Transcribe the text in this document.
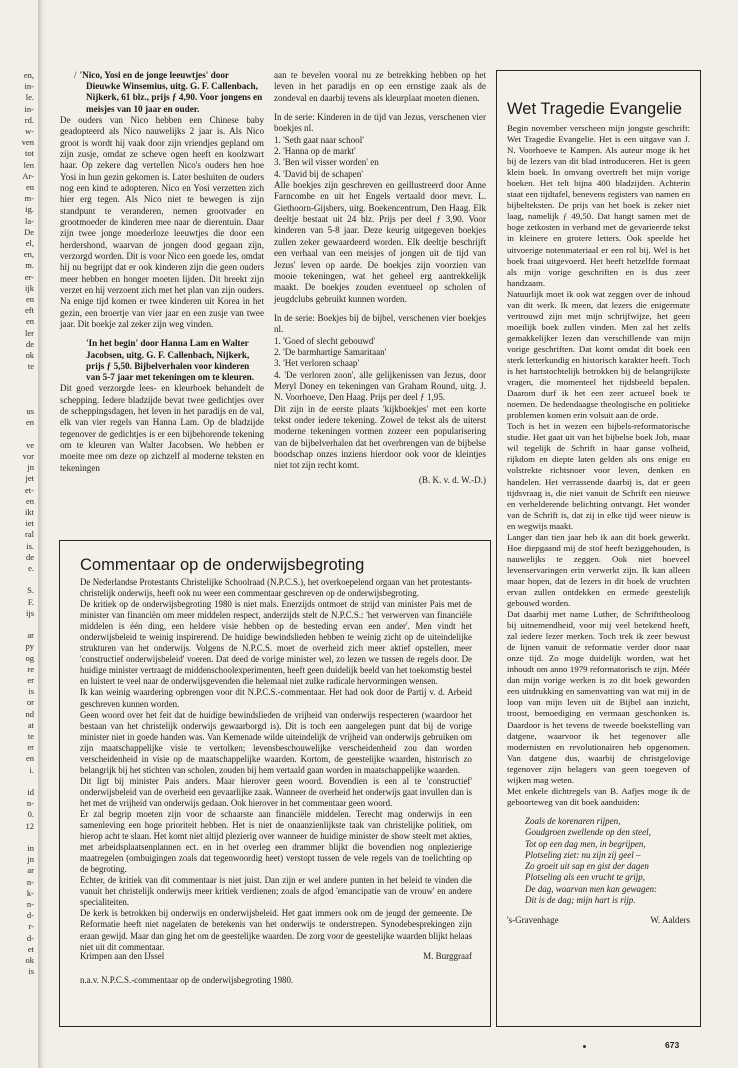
en,
in-
le.
in-
rd.
w-
ven
tot
len
Ar-
en
m-
ig.
la-
De
el,
en,
m.
er-
ijk
en
eft
en
ler
de
ok
te

us
en

ve
vor
jn
jet
et-
en
ikt
iet
ral
is.
de
e.

S.
F.
ijs

ar
py
og
re
er
is
or
nd
at
te
er
en
i.

id
n-
0.
12

in
jn
ar
n-
k-
n-
d-
r-
d-
et
ok
is

/ 'Nico, Yosi en de jonge leeuwtjes' door Dieuwke Winsemius, uitg. G. F. Callenbach, Nijkerk, 61 blz., prijs ƒ 4,90. Voor jongens en meisjes van 10 jaar en ouder.

De ouders van Nico hebben een Chinese baby geadopteerd als Nico nauwelijks 2 jaar is. Als Nico groot is wordt hij vaak door zijn vriendjes gepland om zijn zusje, omdat ze scheve ogen heeft en koolzwart haar. Op zekere dag vertellen Nico's ouders hen hoe Yosi in hun gezin gekomen is. Later besluiten de ouders nog een kind te adopteren. Nico en Yosi verzetten zich hier erg tegen. Als Nico niet te bewegen is zijn standpunt te veranderen, nemen grootvader en grootmoeder de kinderen mee naar de dierentuin. Daar zijn twee jonge moederloze leeuwtjes die door een herdershond, waarvan de jongen dood gegaan zijn, verzorgd worden. Dit is voor Nico een goede les, omdat hij nu begrijpt dat er ook kinderen zijn die geen ouders meer hebben en honger moeten lijden. Dit breekt zijn verzet en hij verzoent zich met het plan van zijn ouders. Na enige tijd komen er twee kinderen uit Korea in het gezin, een broertje van vier jaar en een zusje van twee jaar. Dit boekje zal zeker zijn weg vinden.

'In het begin' door Hanna Lam en Walter Jacobsen, uitg. G. F. Callenbach, Nijkerk, prijs ƒ 5,50. Bijbelverhalen voor kinderen van 5-7 jaar met tekeningen om te kleuren.

Dit goed verzorgde lees- en kleurboek behandelt de schepping. Iedere bladzijde bevat twee gedichtjes over de scheppingsdagen, het leven in het paradijs en de val, elk van vier regels van Hanna Lam. Op de bladzijde tegenover de gedichtjes is er een bijbehorende tekening om te kleuren van Walter Jacobsen. We hebben er moeite mee om deze op zichzelf al moderne teksten en tekeningen

aan te bevelen vooral nu ze betrekking hebben op het leven in het paradijs en op een ernstige zaak als de zondeval en daarbij tevens als kleurplaat moeten dienen.

In de serie: Kinderen in de tijd van Jezus, verschenen vier boekjes nl.

1. 'Seth gaat naar school'
2. 'Hanna op de markt'
3. 'Ben wil visser worden' en
4. 'David bij de schapen'

Alle boekjes zijn geschreven en geillustreerd door Anne Farncombe en uit het Engels vertaald door mevr. L. Giethoorn-Gijsbers, uitg. Boekencentrum, Den Haag. Elk deeltje bestaat uit 24 blz. Prijs per deel ƒ 3,90. Voor kinderen van 5-8 jaar. Deze keurig uitgegeven boekjes zullen zeker gewaardeerd worden. Elk deeltje beschrijft een verhaal van een meisjes of jongen uit de tijd van Jezus' leven op aarde. De boekjes zijn voorzien van mooie tekeningen, wat het geheel erg aantrekkelijk maakt. De boekjes zouden eventueel op scholen of jeugdclubs gebruikt kunnen worden.

In de serie: Boekjes bij de bijbel, verschenen vier boekjes nl.

1. 'Goed of slecht gebouwd'
2. 'De barmhartige Samaritaan'
3. 'Het verloren schaap'
4. 'De verloren zoon', alle gelijkenissen van Jezus, door Meryl Doney en tekeningen van Graham Round, uitg. J. N. Voorhoeve, Den Haag. Prijs per deel ƒ 1,95.

Dit zijn in de eerste plaats 'kijkboekjes' met een korte tekst onder iedere tekening. Zowel de tekst als de uiterst moderne tekeningen vormen zozeer een popularisering van de bijbelverhalen dat het overbrengen van de bijbelse boodschap onzes inziens hierdoor ook voor de kleintjes niet tot zijn recht komt.

(B. K. v. d. W.-D.)

Commentaar op de onderwijsbegroting

De Nederlandse Protestants Christelijke Schoolraad (N.P.C.S.), het overkoepelend orgaan van het protestants-christelijk onderwijs, heeft ook nu weer een commentaar geschreven op de onderwijsbegroting.

De kritiek op de onderwijsbegroting 1980 is niet mals. Enerzijds ontmoet de strijd van minister Pais met de minister van financiën om meer middelen respect, anderzijds stelt de N.P.C.S.: 'het verwerven van financiële middelen is één ding, een heldere visie hebben op de besteding ervan een ander'. Men vindt het onderwijsbeleid te weinig inspirerend. De huidige bewindslieden hebben te weinig zicht op de uiteindelijke strukturen van het onderwijs. Volgens de N.P.C.S. moet de overheid zich meer aktief opstellen, meer 'constructief onderwijsbeleid' voeren. Dat deed de vorige minister wel, zo lezen we tussen de regels door. De huidige minister vertraagt de middenschoolexperimenten, heeft geen duidelijk beeld van het toekomstig bestel en luistert te veel naar de onderwijsgevenden die helemaal niet zulke radicale hervormingen wensen.

Ik kan weinig waardering opbrengen voor dit N.P.C.S.-commentaar. Het had ook door de Partij v. d. Arbeid geschreven kunnen worden.

Geen woord over het feit dat de huidige bewindslieden de vrijheid van onderwijs respecteren (waardoor het bestaan van het christelijk onderwijs gewaarborgd is). Dit is toch een aangelegen punt dat bij de vorige minister niet in goede handen was. Van Kemenade wilde uiteindelijk de vrijheid van onderwijs gebruiken om zijn maatschappelijke visie te vertolken; levensbeschouwelijke verscheidenheid zou dan worden verscheidenheid in visie op de maatschappelijke waarden. Kortom, de geestelijke waarden, historisch zo belangrijk bij het stichten van scholen, zouden bij hem vertaald gaan worden in maatschappelijke waarden.

Dit ligt bij minister Pais anders. Maar hierover geen woord. Bovendien is een al te 'constructief' onderwijsbeleid van de overheid een gevaarlijke zaak. Wanneer de overheid het onderwijs gaat invullen dan is het met de vrijheid van onderwijs gedaan. Ook hierover in het commentaar geen woord.

Er zal begrip moeten zijn voor de schaarste aan financiële middelen. Terecht mag onderwijs in een samenleving een hoge prioriteit hebben. Het is niet de onaanzienlijkste taak van christelijke politiek, om hierop acht te slaan. Het komt niet altijd plezierig over wanneer de huidige minister de show steelt met akties, met arbeidsplaatsenplannen ect. en in het overleg een drammer blijkt die bovendien nog onplezierige maatregelen (ombuigingen zoals dat tegenwoordig heet) verstopt tussen de vele regels van de toelichting op de begroting.

Echter, de kritiek van dit commentaar is niet juist. Dan zijn er wel andere punten in het beleid te vinden die vanuit het christelijk onderwijs meer kritiek verdienen; zoals de afgod 'emancipatie van de vrouw' en andere specialiteiten.

De kerk is betrokken bij onderwijs en onderwijsbeleid. Het gaat immers ook om de jeugd der gemeente. De Reformatie heeft niet nagelaten de betekenis van het onderwijs te onderstrepen. Synodebesprekingen zijn eraan gewijd. Maar dan ging het om de geestelijke waarden. De zorg voor de geestelijke waarden blijkt helaas niet uit dit commentaar.

Krimpen aan den IJssel	M. Burggraaf
n.a.v. N.P.C.S.-commentaar op de onderwijsbegroting 1980.
Wet Tragedie Evangelie

Begin november verscheen mijn jongste geschrift: Wet Tragedie Evangelie. Het is een uitgave van J. N. Voorhoeve te Kampen. Als auteur moge ik het bij de lezers van dit blad introduceren. Het is geen klein boek. In omvang overtreft het mijn vorige boeken. Het telt bijna 400 bladzijden. Achterin staat een tijdtafel, benevens registers van namen en bijbelteksten. De prijs van het boek is zeker niet laag, namelijk ƒ 49,50. Dat hangt samen met de hoge zetkosten in verband met de gevarieerde tekst in kleinere en grotere letters. Ook speelde het uitvoerige notenmateriaal er een rol bij. Wel is het boek fraai uitgevoerd. Het heeft hetzelfde formaat als mijn vorige geschriften en is dus zeer handzaam.

Natuurlijk moet ik ook wat zeggen over de inhoud van dit werk. Ik meen, dat lezers die enigermate vertrouwd zijn met mijn schrijfwijze, het geen moeilijk boek zullen vinden. Men zal het zelfs gemakkelijker lezen dan verschillende van mijn vorige geschriften. Dat komt omdat dit boek een sterk letterkundig en historisch karakter heeft. Toch is het hartstochtelijk betrokken bij de belangrijkste vragen, die momenteel het tijdsbeeld bepalen. Daarom durf ik het een zeer actueel boek te noemen. De hedendaagse theologische en politieke problemen komen erin volsuit aan de orde.

Toch is het in wezen een bijbels-reformatorische studie. Het gaat uit van het bijbelse boek Job, maar wil tegelijk de Schrift in haar ganse volheid, rijkdom en diepte laten gelden als ons enige en volstrekte richtsnoer voor leven, denken en handelen. Het verrassende daarbij is, dat er geen tijdsvraag is, die niet vanuit de Schrift een nieuwe en verhelderende belichting ontvangt. Het wonder van de Schrift is, dat zij in elke tijd weer nieuw is en wegwijs maakt.

Langer dan tien jaar heb ik aan dit boek gewerkt. Hoe diepgaand mij de stof heeft beziggehouden, is nauwelijks te zeggen. Ook niet hoeveel levenservaringen erin verwerkt zijn. Ik kan alleen maar hopen, dat de lezers in dit boek de vruchten ervan zullen ontdekken en ermede geestelijk gebouwd worden.

Dat daarbij met name Luther, de Schrifttheoloog bij uitnemendheid, voor mij veel betekend heeft, zal iedere lezer merken. Toch trek ik zeer bewust de lijnen vanuit de reformatie verder door naar onze tijd. Zo moge duidelijk worden, wat het inhoudt om anno 1979 reformatorisch te zijn. Méér dan mijn vorige werken is zo dit boek geworden een uitdrukking en samenvatting van wat mij in de loop van mijn leven uit de Bijbel aan inzicht, troost, bemoediging en vermaan geschonken is. Daardoor is het tevens de tweede boekstelling van datgene, waarvoor ik het tegenover alle modernisten en revolutionairen heb opgenomen. Van datgene dus, waarbij de christgelovige tegenover zijn belagers van geen toegeven of wijken mag weten.

Met enkele dichtregels van B. Aafjes moge ik de geboorteweg van dit boek aanduiden:

Zoals de korenaren rijpen,
Goudgroen zwellende op den steel,
Tot op een dag men, in begrijpen,
Plotseling ziet: nu zijn zij geel –
Zo groeit uit sap en gist der dagen
Plotseling als een vrucht te grijp,
De dag, waarvan men kan gewagen:
Dit is de dag; mijn hart is rijp.
's-Gravenhage	W. Aalders
673
